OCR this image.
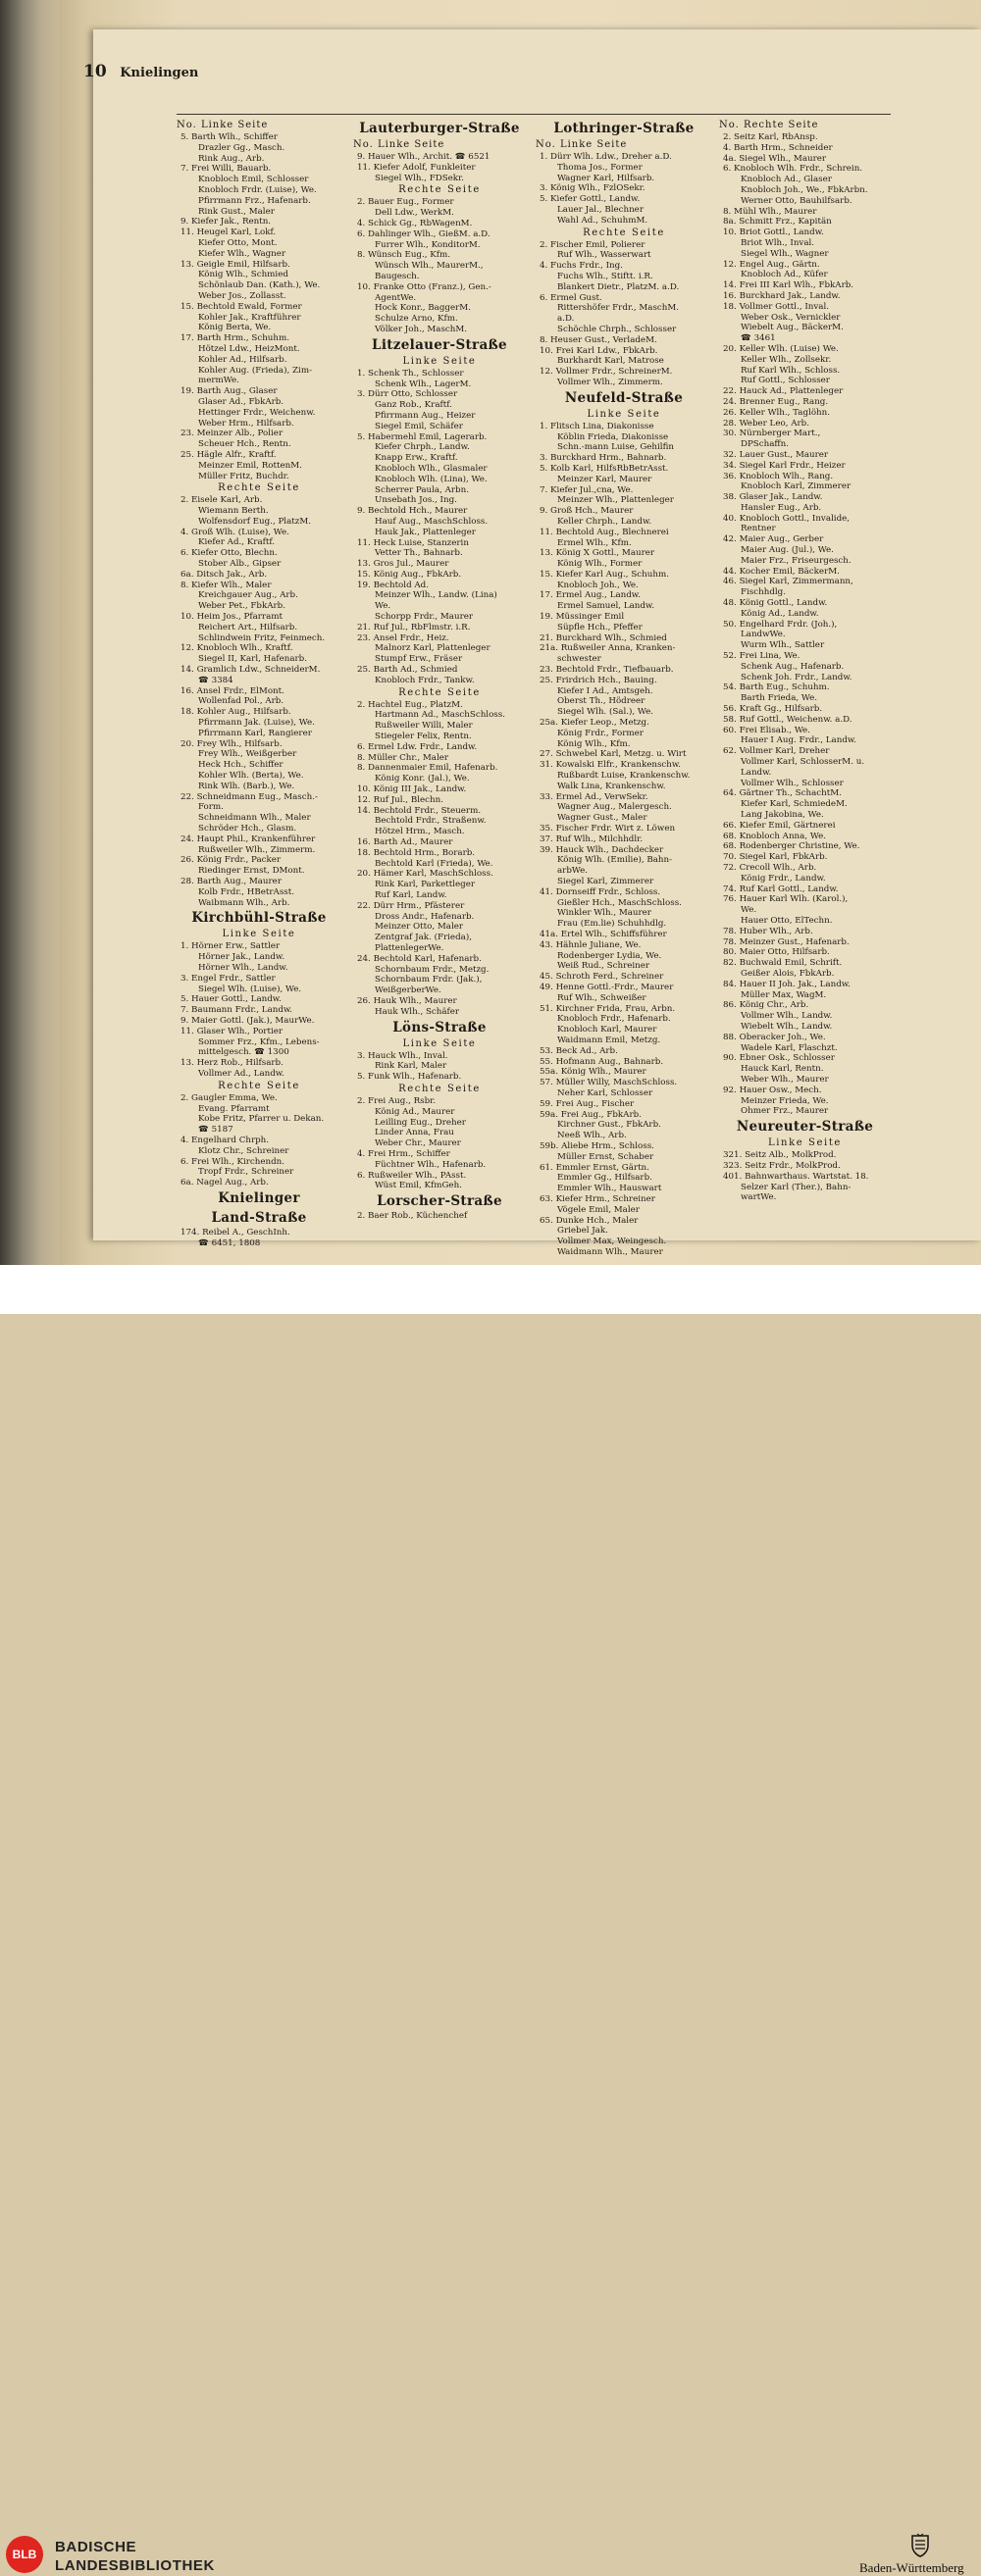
10 Knielingen
No. Linke Seite
5. Barth Wlh., Schiffer
Drazler Gg., Masch.
Rink Aug., Arb.
7. Frei Willi, Bauarb.
Knobloch Emil, Schlosser
Knobloch Frdr. (Luise), We.
Pfirrmann Frz., Hafenarb.
Rink Gust., Maler
9. Kiefer Jak., Rentn.
11. Heugel Karl, Lokf.
Kiefer Otto, Mont.
Kiefer Wlh., Wagner
13. Geigle Emil, Hilfsarb.
König Wlh., Schmied
Schönlaub Dan. (Kath.), We.
Weber Jos., Zollasst.
15. Bechtold Ewald, Former
Kohler Jak., Kraftführer
König Berta, We.
17. Barth Hrm., Schuhm.
Hötzel Ldw., HeizMont.
Kohler Ad., Hilfsarb.
Kohler Aug. (Frieda), Zim-
mermWe.
19. Barth Aug., Glaser
Glaser Ad., FbkArb.
Hettinger Frdr., Weichenw.
Weber Hrm., Hilfsarb.
23. Meinzer Alb., Polier
Scheuer Hch., Rentn.
25. Hägle Alfr., Kraftf.
Meinzer Emil, RottenM.
Müller Fritz, Buchdr.
Rechte Seite
2. Eisele Karl, Arb.
Wiemann Berth.
Wolfensdorf Eug., PlatzM.
4. Groß Wlh. (Luise), We.
Kiefer Ad., Kraftf.
6. Kiefer Otto, Blechn.
Stober Alb., Gipser
6a. Ditsch Jak., Arb.
8. Kiefer Wlh., Maler
Kreichgauer Aug., Arb.
Weber Pet., FbkArb.
10. Heim Jos., Pfarramt
Reichert Art., Hilfsarb.
Schlindwein Fritz, Feinmech.
12. Knobloch Wlh., Kraftf.
Siegel II, Karl, Hafenarb.
14. Gramlich Ldw., SchneiderM.
☎ 3384
16. Ansel Frdr., ElMont.
Wollenfad Pol., Arb.
18. Kohler Aug., Hilfsarb.
Pfirrmann Jak. (Luise), We.
Pfirrmann Karl, Rangierer
20. Frey Wlh., Hilfsarb.
Frey Wlh., Weißgerber
Heck Hch., Schiffer
Kohler Wlh. (Berta), We.
Rink Wlh. (Barb.), We.
22. Schneidmann Eug., Masch.-
Form.
Schneidmann Wlh., Maler
Schröder Hch., Glasm.
24. Haupt Phil., Krankenführer
Rußweiler Wlh., Zimmerm.
26. König Frdr., Packer
Riedinger Ernst, DMont.
28. Barth Aug., Maurer
Kolb Frdr., HBetrAsst.
Waibmann Wlh., Arb.
Kirchbühl-Straße
Linke Seite
1. Hörner Erw., Sattler
Hörner Jak., Landw.
Hörner Wlh., Landw.
3. Engel Frdr., Sattler
Siegel Wlh. (Luise), We.
5. Hauer Gottl., Landw.
7. Baumann Frdr., Landw.
9. Maier Gottl. (Jak.), MaurWe.
11. Glaser Wlh., Portier
Sommer Frz., Kfm., Lebens-
mittelgesch. ☎ 1300
13. Herz Rob., Hilfsarb.
Vollmer Ad., Landw.
Rechte Seite
2. Gaugler Emma, We.
Evang. Pfarramt
Kobe Fritz, Pfarrer u. Dekan.
☎ 5187
4. Engelhard Chrph.
Klotz Chr., Schreiner
6. Frei Wlh., Kirchendn.
Tropf Frdr., Schreiner
6a. Nagel Aug., Arb.
Knielinger
Land-Straße
174. Reibel A., GeschInh.
☎ 6451, 1808
Lauterburger-Straße
No. Linke Seite
9. Hauer Wlh., Archit. ☎ 6521
11. Kiefer Adolf, Funkleiter
Siegel Wlh., FDSekr.
Rechte Seite
2. Bauer Eug., Former
Dell Ldw., WerkM.
4. Schick Gg., RbWagenM.
6. Dahlinger Wlh., GießM. a.D.
Furrer Wlh., KonditorM.
8. Wünsch Eug., Kfm.
Wünsch Wlh., MaurerM.,
Baugesch.
10. Franke Otto (Franz.), Gen.-
AgentWe.
Hock Konr., BaggerM.
Schulze Arno, Kfm.
Völker Joh., MaschM.
Litzelauer-Straße
Linke Seite
1. Schenk Th., Schlosser
Schenk Wlh., LagerM.
3. Dürr Otto, Schlosser
Ganz Rob., Kraftf.
Pfirrmann Aug., Heizer
Siegel Emil, Schäfer
5. Habermehl Emil, Lagerarb.
Kiefer Chrph., Landw.
Knapp Erw., Kraftf.
Knobloch Wlh., Glasmaler
Knobloch Wlh. (Lina), We.
Scherrer Paula, Arbn.
Unsebath Jos., Ing.
9. Bechtold Hch., Maurer
Hauf Aug., MaschSchloss.
Hauk Jak., Plattenleger
11. Heck Luise, Stanzerin
Vetter Th., Bahnarb.
13. Gros Jul., Maurer
15. König Aug., FbkArb.
19. Bechtold Ad.
Meinzer Wlh., Landw. (Lina)
We.
Schorpp Frdr., Maurer
21. Ruf Jul., RbFlmstr. i.R.
23. Ansel Frdr., Heiz.
Malnorz Karl, Plattenleger
Stumpf Erw., Fräser
25. Barth Ad., Schmied
Knobloch Frdr., Tankw.
Rechte Seite
2. Hachtel Eug., PlatzM.
Hartmann Ad., MaschSchloss.
Rußweiler Willi, Maler
Stiegeler Felix, Rentn.
6. Ermel Ldw. Frdr., Landw.
8. Müller Chr., Maler
8. Dannenmaier Emil, Hafenarb.
König Konr. (Jal.), We.
10. König III Jak., Landw.
12. Ruf Jul., Blechn.
14. Bechtold Frdr., Steuerm.
Bechtold Frdr., Straßenw.
Hötzel Hrm., Masch.
16. Barth Ad., Maurer
18. Bechtold Hrm., Borarb.
Bechtold Karl (Frieda), We.
20. Hämer Karl, MaschSchloss.
Rink Karl, Parkettleger
Ruf Karl, Landw.
22. Dürr Hrm., Pfästerer
Dross Andr., Hafenarb.
Meinzer Otto, Maler
Zentgraf Jak. (Frieda),
PlattenlegerWe.
24. Bechtold Karl, Hafenarb.
Schornbaum Frdr., Metzg.
Schornbaum Frdr. (Jak.),
WeißgerberWe.
26. Hauk Wlh., Maurer
Hauk Wlh., Schäfer
Löns-Straße
Linke Seite
3. Hauck Wlh., Inval.
Rink Karl, Maler
5. Funk Wlh., Hafenarb.
Rechte Seite
2. Frei Aug., Rsbr.
König Ad., Maurer
Leilling Eug., Dreher
Linder Anna, Frau
Weber Chr., Maurer
4. Frei Hrm., Schiffer
Füchtner Wlh., Hafenarb.
6. Rußweiler Wlh., PAsst.
Wüst Emil, KfmGeh.
Lorscher-Straße
2. Baer Rob., Küchenchef
Lothringer-Straße
No. Linke Seite
1. Dürr Wlh. Ldw., Dreher a.D.
Thoma Jos., Former
Wagner Karl, Hilfsarb.
3. König Wlh., FzlOSekr.
5. Kiefer Gottl., Landw.
Lauer Jal., Blechner
Wahl Ad., SchuhmM.
Rechte Seite
2. Fischer Emil, Polierer
Ruf Wlh., Wasserwart
4. Fuchs Frdr., Ing.
Fuchs Wlh., Stiftt. i.R.
Blankert Dietr., PlatzM. a.D.
6. Ermel Gust.
Rittershöfer Frdr., MaschM.
a.D.
Schöchle Chrph., Schlosser
8. Heuser Gust., VerladeM.
10. Frei Karl Ldw., FbkArb.
Burkhardt Karl, Matrose
12. Vollmer Frdr., SchreinerM.
Vollmer Wlh., Zimmerm.
Neufeld-Straße
Linke Seite
1. Flitsch Lina, Diakonisse
Köblin Frieda, Diakonisse
Schn.-mann Luise, Gehilfin
3. Burckhard Hrm., Bahnarb.
5. Kolb Karl, HilfsRbBetrAsst.
Meinzer Karl, Maurer
7. Kiefer Jul.,cna, We.
Meinzer Wlh., Plattenleger
9. Groß Hch., Maurer
Keller Chrph., Landw.
11. Bechtold Aug., Blechnerei
Ermel Wlh., Kfm.
13. König X Gottl., Maurer
König Wlh., Former
15. Kiefer Karl Aug., Schuhm.
Knobloch Joh., We.
17. Ermel Aug., Landw.
Ermel Samuel, Landw.
19. Müssinger Emil
Süpfle Hch., Pfeffer
21. Burckhard Wlh., Schmied
21a. Rußweiler Anna, Kranken-
schwester
23. Bechtold Frdr., Tiefbauarb.
25. Frirdrich Hch., Bauing.
Kiefer I Ad., Amtsgeh.
Oberst Th., Hödreer
Siegel Wlh. (Sal.), We.
25a. Kiefer Leop., Metzg.
König Frdr., Former
König Wlh., Kfm.
27. Schwebel Karl, Metzg. u. Wirt
31. Kowalski Elfr., Krankenschw.
Rußbardt Luise, Krankenschw.
Walk Lina, Krankenschw.
33. Ermel Ad., VerwSekr.
Wagner Aug., Malergesch.
Wagner Gust., Maler
35. Fischer Frdr. Wirt z. Löwen
37. Ruf Wlh., Milchhdlr.
39. Hauck Wlh., Dachdecker
König Wlh. (Emilie), Bahn-
arbWe.
Siegel Karl, Zimmerer
41. Dornseiff Frdr., Schloss.
Gießler Hch., MaschSchloss.
Winkler Wlh., Maurer
Frau (Em.lie) Schuhhdlg.
41a. Ertel Wlh., Schiffsführer
43. Hähnle Juliane, We.
Rodenberger Lydia, We.
Weiß Rud., Schreiner
45. Schroth Ferd., Schreiner
49. Henne Gottl.-Frdr., Maurer
Ruf Wlh., Schweißer
51. Kirchner Frida, Frau, Arbn.
Knobloch Frdr., Hafenarb.
Knobloch Karl, Maurer
Waidmann Emil, Metzg.
53. Beck Ad., Arb.
55. Hofmann Aug., Bahnarb.
55a. König Wlh., Maurer
57. Müller Willy, MaschSchloss.
Neher Karl, Schlosser
59. Frei Aug., Fischer
59a. Frei Aug., FbkArb.
Kirchner Gust., FbkArb.
Neeß Wlh., Arb.
59b. Aliebe Hrm., Schloss.
Müller Ernst, Schaber
61. Emmler Ernst, Gärtn.
Emmler Gg., Hilfsarb.
Emmler Wlh., Hauswart
63. Kiefer Hrm., Schreiner
Vögele Emil, Maler
65. Dunke Hch., Maler
Griebel Jak.
Vollmer Max, Weingesch.
Waidmann Wlh., Maurer
No. Rechte Seite
2. Seitz Karl, RbAnsp.
4. Barth Hrm., Schneider
4a. Siegel Wlh., Maurer
6. Knobloch Wlh. Frdr., Schrein.
Knobloch Ad., Glaser
Knobloch Joh., We., FbkArbn.
Werner Otto, Bauhilfsarb.
8. Mühl Wlh., Maurer
8a. Schmitt Frz., Kapitän
10. Briot Gottl., Landw.
Briot Wlh., Inval.
Siegel Wlh., Wagner
12. Engel Aug., Gärtn.
Knobloch Ad., Küfer
14. Frei III Karl Wlh., FbkArb.
16. Burckhard Jak., Landw.
18. Vollmer Gottl., Inval.
Weber Osk., Vernickler
Wiebelt Aug., BäckerM.
☎ 3461
20. Keller Wlh. (Luise) We.
Keller Wlh., Zollsekr.
Ruf Karl Wlh., Schloss.
Ruf Gottl., Schlosser
22. Hauck Ad., Plattenleger
24. Brenner Eug., Rang.
26. Keller Wlh., Taglöhn.
28. Weber Leo, Arb.
30. Nürnberger Mart.,
DPSchaffn.
32. Lauer Gust., Maurer
34. Siegel Karl Frdr., Heizer
36. Knobloch Wlh., Rang.
Knobloch Karl, Zimmerer
38. Glaser Jak., Landw.
Hansler Eug., Arb.
40. Knobloch Gottl., Invalide,
Rentner
42. Maier Aug., Gerber
Maier Aug. (Jul.), We.
Maier Frz., Friseurgesch.
44. Kocher Emil, BäckerM.
46. Siegel Karl, Zimmermann,
Fischhdlg.
48. König Gottl., Landw.
König Ad., Landw.
50. Engelhard Frdr. (Joh.),
LandwWe.
Wurm Wlh., Sattler
52. Frei Lina, We.
Schenk Aug., Hafenarb.
Schenk Joh. Frdr., Landw.
54. Barth Eug., Schuhm.
Barth Frieda, We.
56. Kraft Gg., Hilfsarb.
58. Ruf Gottl., Weichenw. a.D.
60. Frei Elisab., We.
Hauer I Aug. Frdr., Landw.
62. Vollmer Karl, Dreher
Vollmer Karl, SchlosserM. u.
Landw.
Vollmer Wlh., Schlosser
64. Gärtner Th., SchachtM.
Kiefer Karl, SchmiedeM.
Lang Jakobina, We.
66. Kiefer Emil, Gärtnerei
68. Knobloch Anna, We.
68. Rodenberger Christine, We.
70. Siegel Karl, FbkArb.
72. Crecoll Wlh., Arb.
König Frdr., Landw.
74. Ruf Karl Gottl., Landw.
76. Hauer Karl Wlh. (Karol.),
We.
Hauer Otto, ElTechn.
78. Huber Wlh., Arb.
78. Meinzer Gust., Hafenarb.
80. Maier Otto, Hilfsarb.
82. Buchwald Emil, Schrift.
Geißer Alois, FbkArb.
84. Hauer II Joh. Jak., Landw.
Müller Max, WagM.
86. König Chr., Arb.
Vollmer Wlh., Landw.
Wiebelt Wlh., Landw.
88. Oberacker Joh., We.
Wadele Karl, Flaschzt.
90. Ebner Osk., Schlosser
Hauck Karl, Rentn.
Weber Wlh., Maurer
92. Hauer Osw., Mech.
Meinzer Frieda, We.
Ohmer Frz., Maurer
Neureuter-Straße
Linke Seite
321. Seitz Alb., MolkProd.
323. Seitz Frdr., MolkProd.
401. Bahnwarthaus. Wartstat. 18.
Selzer Karl (Ther.), Bahn-
wartWe.
BLB	BADISCHE
LANDESBIBLIOTHEK	Baden-Württemberg
